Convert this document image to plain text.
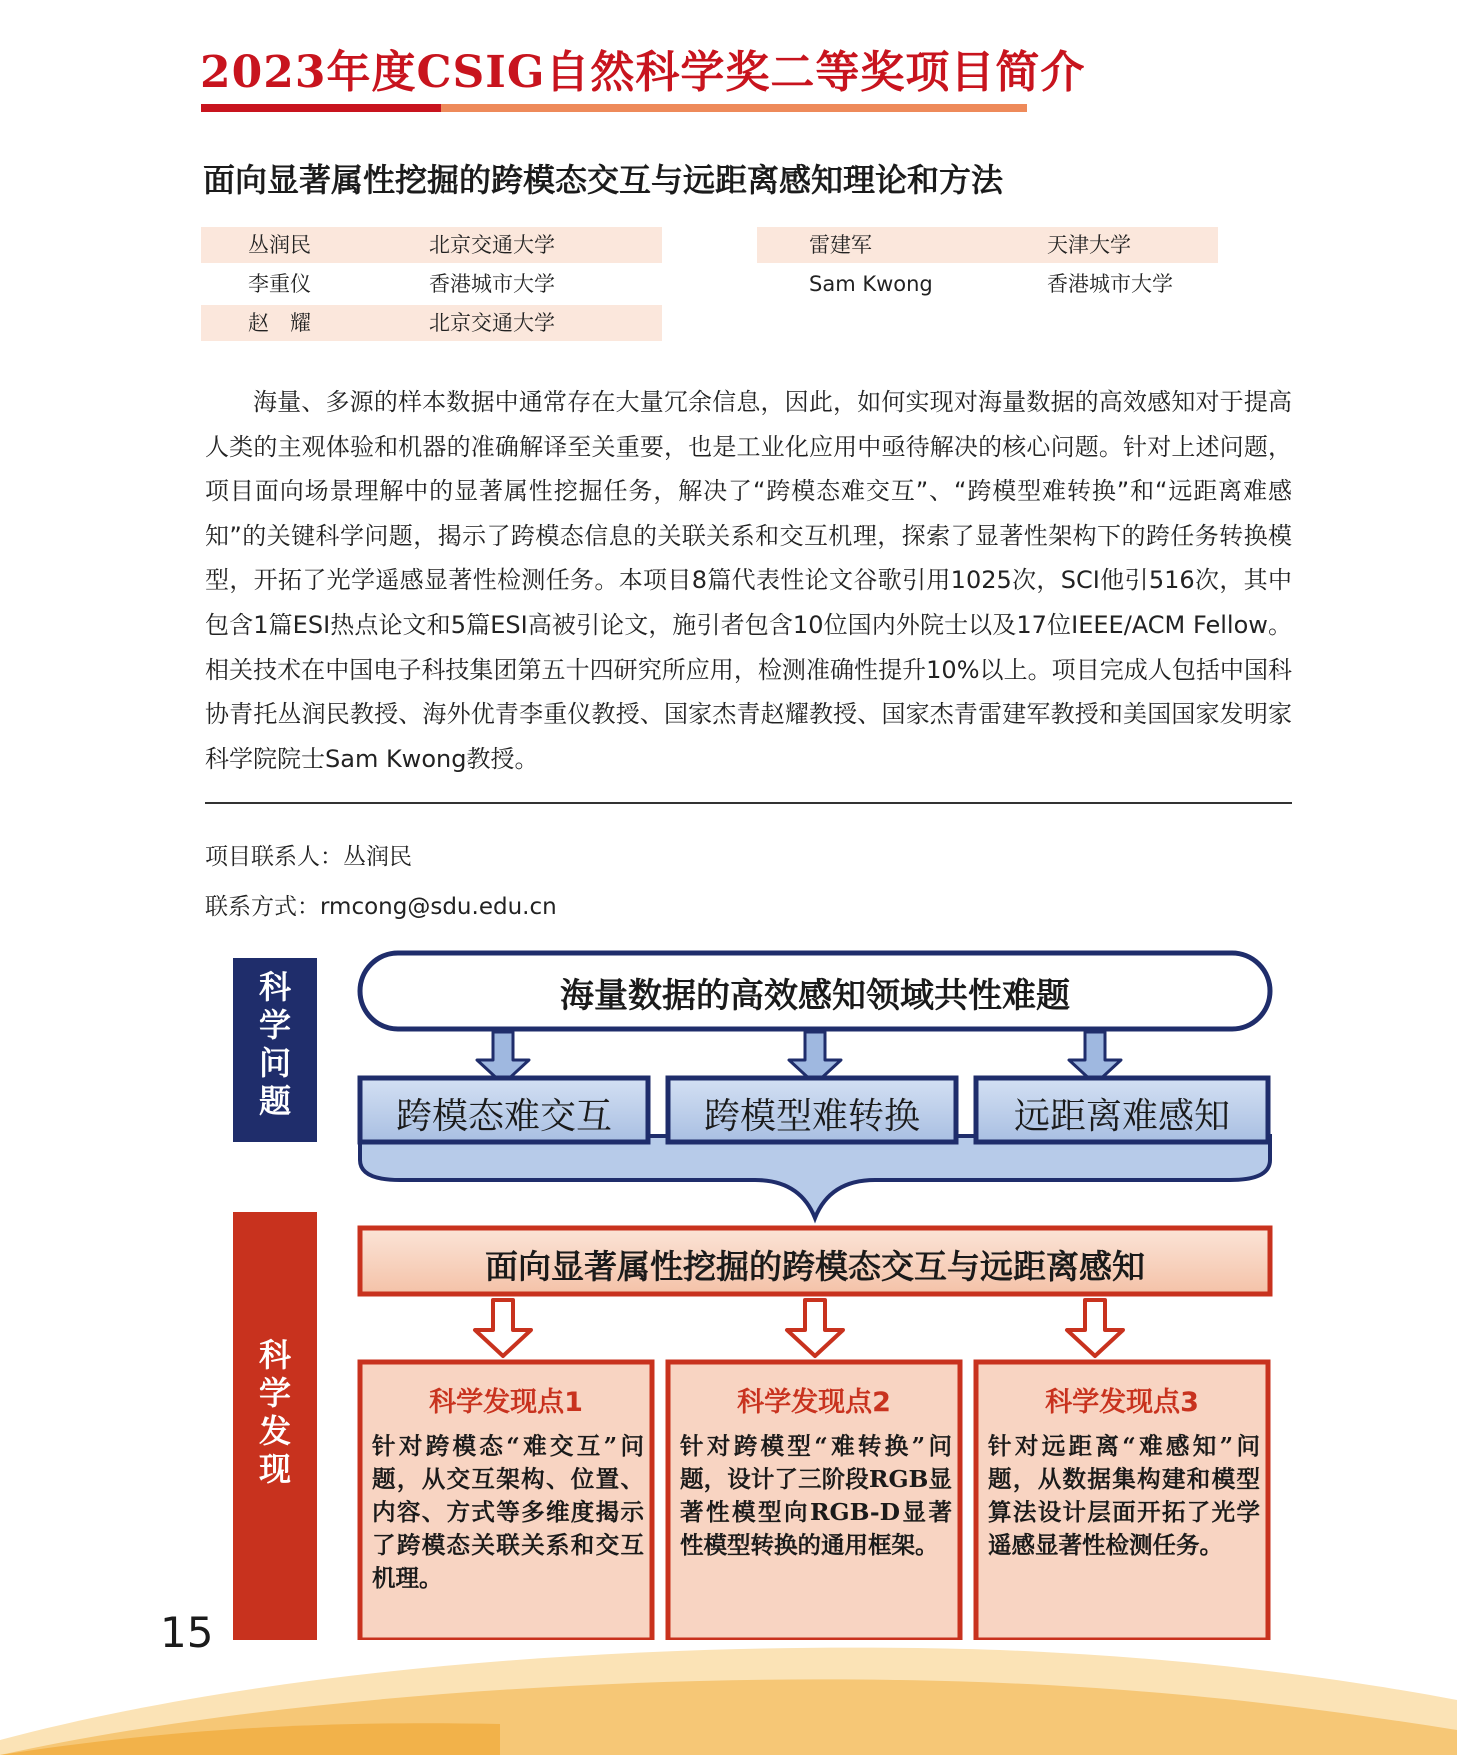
2023年度CSIG自然科学奖二等奖项目简介
面向显著属性挖掘的跨模态交互与远距离感知理论和方法
丛润民	北京交通大学
李重仪	香港城市大学
赵　耀	北京交通大学
雷建军	天津大学
Sam Kwong	香港城市大学

海量、多源的样本数据中通常存在大量冗余信息，因此，如何实现对海量数据的高效感知对于提高人类的主观体验和机器的准确解译至关重要，也是工业化应用中亟待解决的核心问题。针对上述问题，项目面向场景理解中的显著属性挖掘任务，解决了“跨模态难交互”、“跨模型难转换”和“远距离难感知”的关键科学问题，揭示了跨模态信息的关联关系和交互机理，探索了显著性架构下的跨任务转换模型，开拓了光学遥感显著性检测任务。本项目8篇代表性论文谷歌引用1025次，SCI他引516次，其中包含1篇ESI热点论文和5篇ESI高被引论文，施引者包含10位国内外院士以及17位IEEE/ACM Fellow。相关技术在中国电子科技集团第五十四研究所应用，检测准确性提升10%以上。项目完成人包括中国科协青托丛润民教授、海外优青李重仪教授、国家杰青赵耀教授、国家杰青雷建军教授和美国国家发明家科学院院士Sam Kwong教授。

项目联系人：丛润民
联系方式：rmcong@sdu.edu.cn
科学问题
科学发现
海量数据的高效感知领域共性难题
跨模态难交互	跨模型难转换	远距离难感知
面向显著属性挖掘的跨模态交互与远距离感知
科学发现点1	科学发现点2	科学发现点3
针对跨模态“难交互”问题，从交互架构、位置、内容、方式等多维度揭示了跨模态关联关系和交互机理。
针对跨模型“难转换”问题，设计了三阶段RGB显著性模型向RGB-D显著性模型转换的通用框架。
针对远距离“难感知”问题，从数据集构建和模型算法设计层面开拓了光学遥感显著性检测任务。
15
